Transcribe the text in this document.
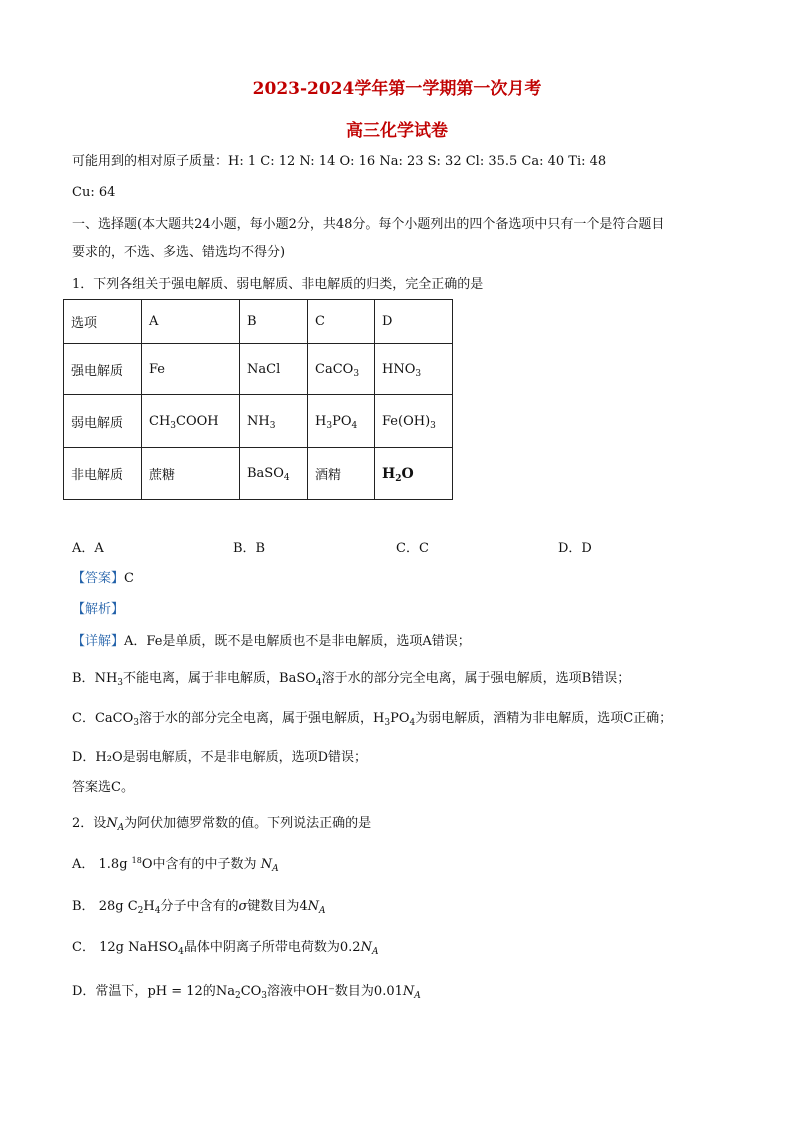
2023-2024学年第一学期第一次月考
高三化学试卷
可能用到的相对原子质量：H: 1 C: 12 N: 14 O: 16 Na: 23 S: 32 Cl: 35.5 Ca: 40 Ti: 48
Cu: 64
一、选择题(本大题共24小题，每小题2分，共48分。每个小题列出的四个备选项中只有一个是符合题目
要求的，不选、多选、错选均不得分)
1．下列各组关于强电解质、弱电解质、非电解质的归类，完全正确的是
选项	A	B	C	D
强电解质	Fe	NaCl	CaCO$_3$	$HNO_3$
弱电解质	$CH_3COOH$	$NH_3$	$H_3PO_4$	$Fe(OH)_3$
非电解质	蔗糖	BaSO$_4$	酒精	$H_2O$
A．A	B．B	C．C	D．D
【答案】C
【解析】
【详解】A．Fe是单质，既不是电解质也不是非电解质，选项A错误；
B．$NH_3$不能电离，属于非电解质，BaSO$_4$溶于水的部分完全电离，属于强电解质，选项B错误；
C．CaCO$_3$溶于水的部分完全电离，属于强电解质，$H_3PO_4$为弱电解质，酒精为非电解质，选项C正确；
D．H₂O是弱电解质，不是非电解质，选项D错误；
答案选C。
2．设$N_A$为阿伏加德罗常数的值。下列说法正确的是
A． 1.8g $^{18}$O中含有的中子数为 $N_A$
B． 28g $C_2H_4$分子中含有的σ键数目为$4N_A$
C． 12g NaHSO$_4$晶体中阴离子所带电荷数为$0.2N_A$
D．常温下，pH = 12的$Na_2CO_3$溶液中OH⁻数目为$0.01N_A$
